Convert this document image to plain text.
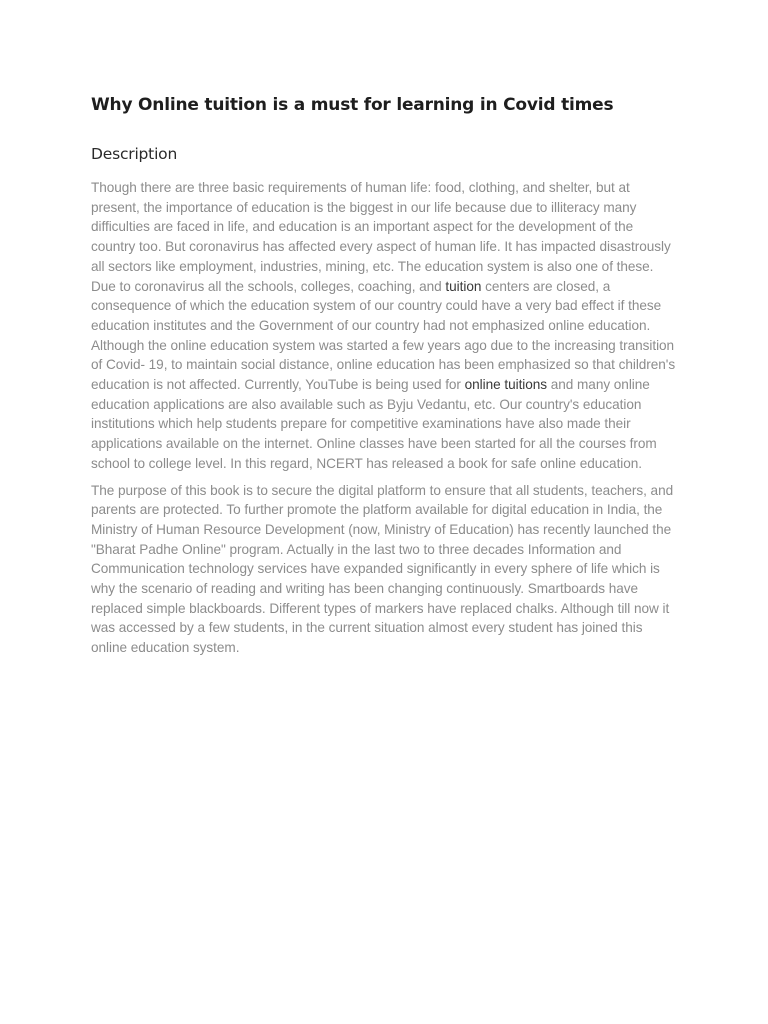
Why Online tuition is a must for learning in Covid times
Description

Though there are three basic requirements of human life: food, clothing, and shelter, but at present, the importance of education is the biggest in our life because due to illiteracy many difficulties are faced in life, and education is an important aspect for the development of the country too. But coronavirus has affected every aspect of human life. It has impacted disastrously all sectors like employment, industries, mining, etc. The education system is also one of these. Due to coronavirus all the schools, colleges, coaching, and tuition centers are closed, a consequence of which the education system of our country could have a very bad effect if these education institutes and the Government of our country had not emphasized online education. Although the online education system was started a few years ago due to the increasing transition of Covid- 19, to maintain social distance, online education has been emphasized so that children's education is not affected. Currently, YouTube is being used for online tuitions and many online education applications are also available such as Byju Vedantu, etc. Our country's education institutions which help students prepare for competitive examinations have also made their applications available on the internet. Online classes have been started for all the courses from school to college level. In this regard, NCERT has released a book for safe online education.

The purpose of this book is to secure the digital platform to ensure that all students, teachers, and parents are protected. To further promote the platform available for digital education in India, the Ministry of Human Resource Development (now, Ministry of Education) has recently launched the "Bharat Padhe Online" program. Actually in the last two to three decades Information and Communication technology services have expanded significantly in every sphere of life which is why the scenario of reading and writing has been changing continuously. Smartboards have replaced simple blackboards. Different types of markers have replaced chalks. Although till now it was accessed by a few students, in the current situation almost every student has joined this online education system.
